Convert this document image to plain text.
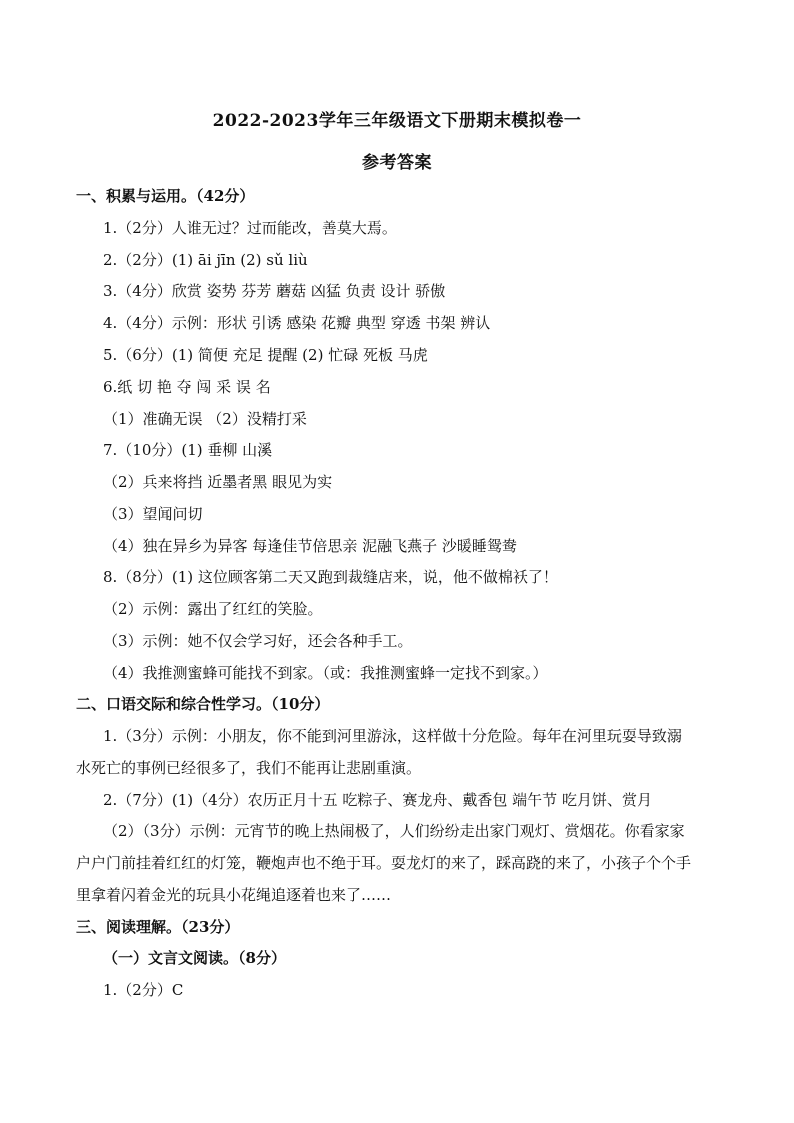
2022-2023学年三年级语文下册期末模拟卷一
参考答案
一、积累与运用。（42分）
1.（2分）人谁无过？过而能改，善莫大焉。
2.（2分）(1) āi jīn (2) sǔ liù
3.（4分）欣赏 姿势 芬芳 蘑菇 凶猛 负责 设计 骄傲
4.（4分）示例：形状 引诱 感染 花瓣 典型 穿透 书架 辨认
5.（6分）(1) 简便 充足 提醒 (2) 忙碌 死板 马虎
6.纸 切 艳 夺 闯 采 误 名
（1）准确无误 （2）没精打采
7.（10分）(1) 垂柳 山溪
（2）兵来将挡 近墨者黑 眼见为实
（3）望闻问切
（4）独在异乡为异客 每逢佳节倍思亲 泥融飞燕子 沙暖睡鸳鸯
8.（8分）(1) 这位顾客第二天又跑到裁缝店来，说，他不做棉袄了！
（2）示例：露出了红红的笑脸。
（3）示例：她不仅会学习好，还会各种手工。
（4）我推测蜜蜂可能找不到家。（或：我推测蜜蜂一定找不到家。）
二、口语交际和综合性学习。（10分）
1.（3分）示例：小朋友，你不能到河里游泳，这样做十分危险。每年在河里玩耍导致溺
水死亡的事例已经很多了，我们不能再让悲剧重演。
2.（7分）(1)（4分）农历正月十五 吃粽子、赛龙舟、戴香包 端午节 吃月饼、赏月
（2）（3分）示例：元宵节的晚上热闹极了，人们纷纷走出家门观灯、赏烟花。你看家家
户户门前挂着红红的灯笼，鞭炮声也不绝于耳。耍龙灯的来了，踩高跷的来了，小孩子个个手
里拿着闪着金光的玩具小花绳追逐着也来了……
三、阅读理解。（23分）
（一）文言文阅读。（8分）
1.（2分）C
